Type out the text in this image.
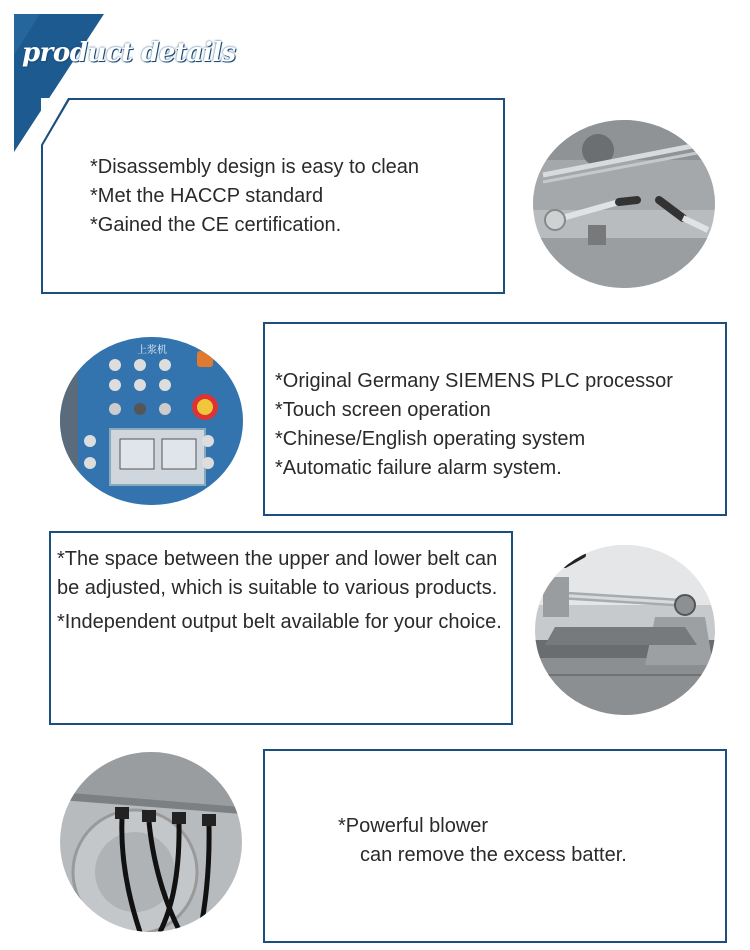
product details
*Disassembly design is easy to clean
*Met the HACCP standard
*Gained the CE certification.
上浆机
*Original Germany SIEMENS PLC processor
*Touch screen operation
*Chinese/English operating system
*Automatic failure alarm system.
*The space between the upper and lower belt can be adjusted, which is suitable to various products.
*Independent output belt available for your choice.
*Powerful blower
can remove the excess batter.
